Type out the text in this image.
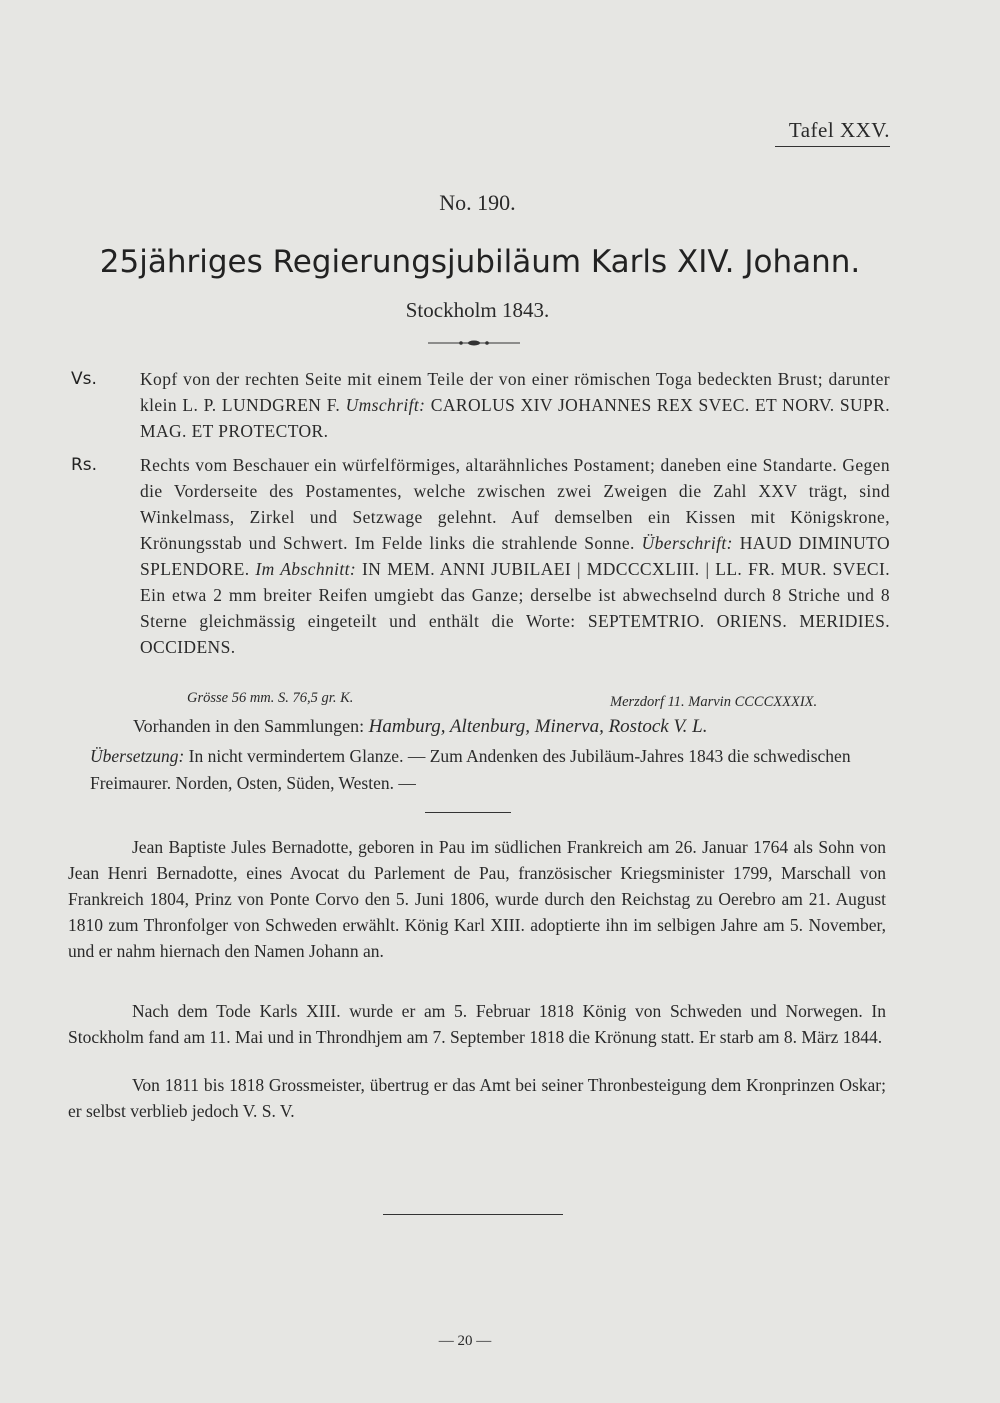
Tafel XXV.
No. 190.
25jähriges Regierungsjubiläum Karls XIV. Johann.
Stockholm 1843.
Vs. Kopf von der rechten Seite mit einem Teile der von einer römischen Toga bedeckten Brust; darunter klein L. P. LUNDGREN F. Umschrift: CAROLUS XIV JOHANNES REX SVEC. ET NORV. SUPR. MAG. ET PROTECTOR.
Rs. Rechts vom Beschauer ein würfelförmiges, altarähnliches Postament; daneben eine Standarte. Gegen die Vorderseite des Postamentes, welche zwischen zwei Zweigen die Zahl XXV trägt, sind Winkelmass, Zirkel und Setzwage gelehnt. Auf demselben ein Kissen mit Königskrone, Krönungsstab und Schwert. Im Felde links die strahlende Sonne. Überschrift: HAUD DIMINUTO SPLENDORE. Im Abschnitt: IN MEM. ANNI JUBILAEI | MDCCCXLIII. | LL. FR. MUR. SVECI. Ein etwa 2 mm breiter Reifen umgiebt das Ganze; derselbe ist abwechselnd durch 8 Striche und 8 Sterne gleichmässig eingeteilt und enthält die Worte: SEPTEMTRIO. ORIENS. MERIDIES. OCCIDENS.
Grösse 56 mm. S. 76,5 gr. K.	Merzdorf 11. Marvin CCCCXXXIX.
Vorhanden in den Sammlungen: Hamburg, Altenburg, Minerva, Rostock V. L.
Übersetzung: In nicht vermindertem Glanze. — Zum Andenken des Jubiläum-Jahres 1843 die schwedischen Freimaurer. Norden, Osten, Süden, Westen. —

Jean Baptiste Jules Bernadotte, geboren in Pau im südlichen Frankreich am 26. Januar 1764 als Sohn von Jean Henri Bernadotte, eines Avocat du Parlement de Pau, französischer Kriegsminister 1799, Marschall von Frankreich 1804, Prinz von Ponte Corvo den 5. Juni 1806, wurde durch den Reichstag zu Oerebro am 21. August 1810 zum Thronfolger von Schweden erwählt. König Karl XIII. adoptierte ihn im selbigen Jahre am 5. November, und er nahm hiernach den Namen Johann an.

Nach dem Tode Karls XIII. wurde er am 5. Februar 1818 König von Schweden und Norwegen. In Stockholm fand am 11. Mai und in Throndhjem am 7. September 1818 die Krönung statt. Er starb am 8. März 1844.

Von 1811 bis 1818 Grossmeister, übertrug er das Amt bei seiner Thronbesteigung dem Kronprinzen Oskar; er selbst verblieb jedoch V. S. V.

— 20 —
